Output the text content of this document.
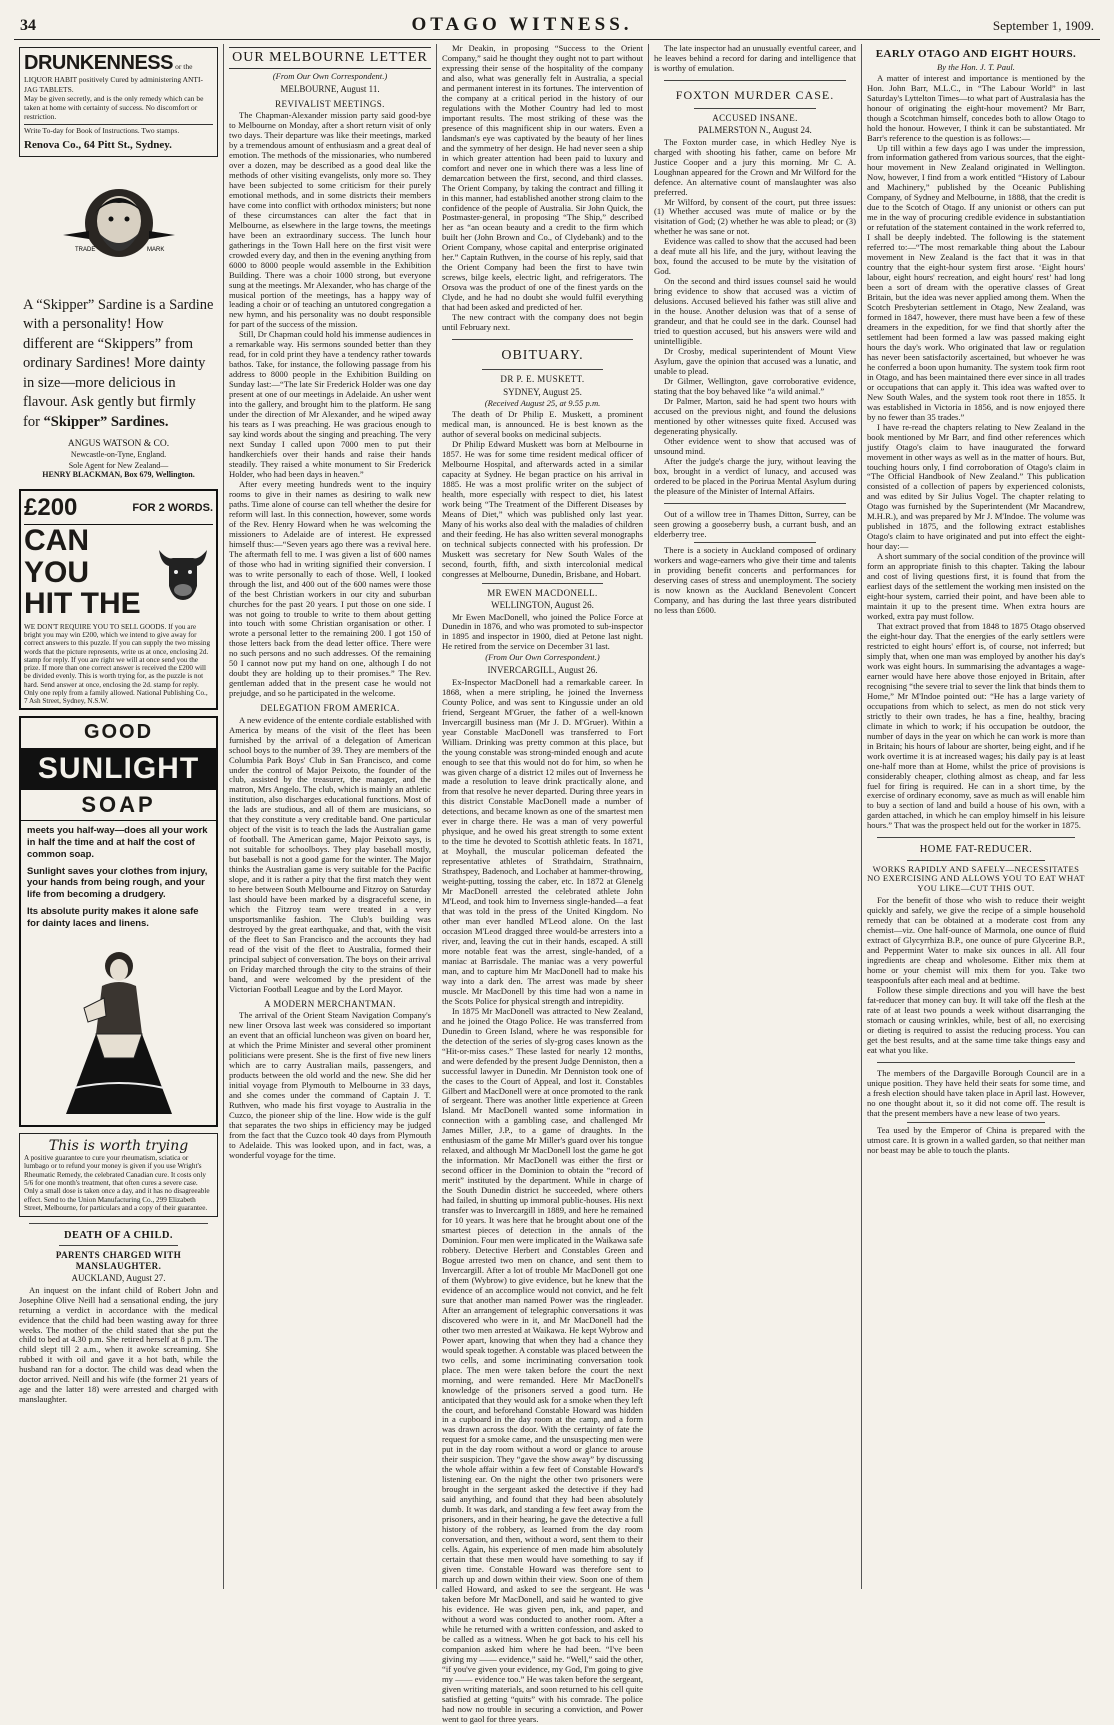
34	OTAGO WITNESS.	September 1, 1909.
DRUNKENNESS or the LIQUOR HABIT positively Cured by administering ANTI-JAG TABLETS.
May be given secretly, and is the only remedy which can be taken at home with certainty of success. No discomfort or restriction.
Write To-day for Book of Instructions. Two stamps.
Renova Co., 64 Pitt St., Sydney.
TRADE	MARK
A “Skipper” Sardine is a Sardine with a personality! How different are “Skippers” from ordinary Sardines! More dainty in size—more delicious in flavour. Ask gently but firmly for “Skipper” Sardines.
ANGUS WATSON & CO.
Newcastle-on-Tyne, England.
Sole Agent for New Zealand—
HENRY BLACKMAN, Box 679, Wellington.
£200	FOR 2 WORDS.
CAN YOU
HIT THE
WE DON'T REQUIRE YOU TO SELL GOODS. If you are bright you may win £200, which we intend to give away for correct answers to this puzzle. If you can supply the two missing words that the picture represents, write us at once, enclosing 2d. stamp for reply. If you are right we will at once send you the prize. If more than one correct answer is received the £200 will be divided evenly. This is worth trying for, as the puzzle is not hard. Send answer at once, enclosing the 2d. stamp for reply. Only one reply from a family allowed. National Publishing Co., 7 Ash Street, Sydney, N.S.W.
GOOD
SUNLIGHT
SOAP
meets you half-way—does all your work in half the time and at half the cost of common soap.
Sunlight saves your clothes from injury, your hands from being rough, and your life from becoming a drudgery.
Its absolute purity makes it alone safe for dainty laces and linens.
This is worth trying
A positive guarantee to cure your rheumatism, sciatica or lumbago or to refund your money is given if you use Wright's Rheumatic Remedy, the celebrated Canadian cure. It costs only 5/6 for one month's treatment, that often cures a severe case. Only a small dose is taken once a day, and it has no disagreeable effect. Send to the Union Manufacturing Co., 299 Elizabeth Street, Melbourne, for particulars and a copy of their guarantee.
DEATH OF A CHILD.
PARENTS CHARGED WITH MANSLAUGHTER.
AUCKLAND, August 27.

An inquest on the infant child of Robert John and Josephine Olive Neill had a sensational ending, the jury returning a verdict in accordance with the medical evidence that the child had been wasting away for three weeks. The mother of the child stated that she put the child to bed at 4.30 p.m. She retired herself at 8 p.m. The child slept till 2 a.m., when it awoke screaming. She rubbed it with oil and gave it a hot bath, while the husband ran for a doctor. The child was dead when the doctor arrived. Neill and his wife (the former 21 years of age and the latter 18) were arrested and charged with manslaughter.

OUR MELBOURNE LETTER
(From Our Own Correspondent.)
MELBOURNE, August 11.
REVIVALIST MEETINGS.

The Chapman-Alexander mission party said good-bye to Melbourne on Monday, after a short return visit of only two days. Their departure was like their meetings, marked by a tremendous amount of enthusiasm and a great deal of emotion. The methods of the missionaries, who numbered over a dozen, may be described as a good deal like the methods of other visiting evangelists, only more so. They have been subjected to some criticism for their purely emotional methods, and in some districts their members have come into conflict with orthodox ministers; but none of these circumstances can alter the fact that in Melbourne, as elsewhere in the large towns, the meetings have been an extraordinary success. The lunch hour gatherings in the Town Hall here on the first visit were crowded every day, and then in the evening anything from 6000 to 8000 people would assemble in the Exhibition Building. There was a choir 1000 strong, but everyone sung at the meetings. Mr Alexander, who has charge of the musical portion of the meetings, has a happy way of leading a choir or of teaching an untutored congregation a new hymn, and his personality was no doubt responsible for part of the success of the mission.

Still, Dr Chapman could hold his immense audiences in a remarkable way. His sermons sounded better than they read, for in cold print they have a tendency rather towards bathos. Take, for instance, the following passage from his address to 8000 people in the Exhibition Building on Sunday last:—“The late Sir Frederick Holder was one day present at one of our meetings in Adelaide. An usher went into the gallery, and brought him to the platform. He sang under the direction of Mr Alexander, and he wiped away his tears as I was preaching. He was gracious enough to say kind words about the singing and preaching. The very next Sunday I called upon 7000 men to put their handkerchiefs over their hands and raise their hands steadily. They raised a white monument to Sir Frederick Holder, who had been days in heaven.”

After every meeting hundreds went to the inquiry rooms to give in their names as desiring to walk new paths. Time alone of course can tell whether the desire for reform will last. In this connection, however, some words of the Rev. Henry Howard when he was welcoming the missioners to Adelaide are of interest. He expressed himself thus:—“Seven years ago there was a revival here. The aftermath fell to me. I was given a list of 600 names of those who had in writing signified their conversion. I was to write personally to each of those. Well, I looked through the list, and 400 out of the 600 names were those of the best Christian workers in our city and suburban churches for the past 20 years. I put those on one side. I was not going to trouble to write to them about getting into touch with some Christian organisation or other. I wrote a personal letter to the remaining 200. I got 150 of those letters back from the dead letter office. There were no such persons and no such addresses. Of the remaining 50 I cannot now put my hand on one, although I do not doubt they are holding up to their promises.” The Rev. gentleman added that in the present case he would not prejudge, and so he participated in the welcome.

DELEGATION FROM AMERICA.

A new evidence of the entente cordiale established with America by means of the visit of the fleet has been furnished by the arrival of a delegation of American school boys to the number of 39. They are members of the Columbia Park Boys' Club in San Francisco, and come under the control of Major Peixoto, the founder of the club, assisted by the treasurer, the manager, and the matron, Mrs Angelo. The club, which is mainly an athletic institution, also discharges educational functions. Most of the lads are studious, and all of them are musicians, so that they constitute a very creditable band. One particular object of the visit is to teach the lads the Australian game of football. The American game, Major Peixoto says, is not suitable for schoolboys. They play baseball mostly, but baseball is not a good game for the winter. The Major thinks the Australian game is very suitable for the Pacific slope, and it is rather a pity that the first match they went to here between South Melbourne and Fitzroy on Saturday last should have been marked by a disgraceful scene, in which the Fitzroy team were treated in a very unsportsmanlike fashion. The Club's building was destroyed by the great earthquake, and that, with the visit of the fleet to San Francisco and the accounts they had read of the visit of the fleet to Australia, formed their principal subject of conversation. The boys on their arrival on Friday marched through the city to the strains of their band, and were welcomed by the president of the Victorian Football League and by the Lord Mayor.

A MODERN MERCHANTMAN.

The arrival of the Orient Steam Navigation Company's new liner Orsova last week was considered so important an event that an official luncheon was given on board her, at which the Prime Minister and several other prominent politicians were present. She is the first of five new liners which are to carry Australian mails, passengers, and products between the old world and the new. She did her initial voyage from Plymouth to Melbourne in 33 days, and she comes under the command of Captain J. T. Ruthven, who made his first voyage to Australia in the Cuzco, the pioneer ship of the line. How wide is the gulf that separates the two ships in efficiency may be judged from the fact that the Cuzco took 40 days from Plymouth to Adelaide. This was looked upon, and in fact, was, a wonderful voyage for the time.

Mr Deakin, in proposing “Success to the Orient Company,” said he thought they ought not to part without expressing their sense of the hospitality of the company and also, what was generally felt in Australia, a special and permanent interest in its fortunes. The intervention of the company at a critical period in the history of our regulations with the Mother Country had led to most important results. The most striking of these was the presence of this magnificent ship in our waters. Even a landsman's eye was captivated by the beauty of her lines and the symmetry of her design. He had never seen a ship in which greater attention had been paid to luxury and comfort and never one in which there was a less line of demarcation between the first, second, and third classes. The Orient Company, by taking the contract and filling it in this manner, had established another strong claim to the confidence of the people of Australia. Sir John Quick, the Postmaster-general, in proposing “The Ship,” described her as “an ocean beauty and a credit to the firm which built her (John Brown and Co., of Clydebank) and to the Orient Company, whose capital and enterprise originated her.” Captain Ruthven, in the course of his reply, said that the Orient Company had been the first to have twin screws, bilge keels, electric light, and refrigerators. The Orsova was the product of one of the finest yards on the Clyde, and he had no doubt she would fulfil everything that had been asked and predicted of her.

The new contract with the company does not begin until February next.

OBITUARY.
DR P. E. MUSKETT.
SYDNEY, August 25.
(Received August 25, at 9.55 p.m.

The death of Dr Philip E. Muskett, a prominent medical man, is announced. He is best known as the author of several books on medicinal subjects.

Dr Philip Edward Muskett was born at Melbourne in 1857. He was for some time resident medical officer of Melbourne Hospital, and afterwards acted in a similar capacity at Sydney. He began practice on his arrival in 1885. He was a most prolific writer on the subject of health, more especially with respect to diet, his latest work being “The Treatment of the Different Diseases by Means of Diet,” which was published only last year. Many of his works also deal with the maladies of children and their feeding. He has also written several monographs on technical subjects connected with his profession. Dr Muskett was secretary for New South Wales of the second, fourth, fifth, and sixth intercolonial medical congresses at Melbourne, Dunedin, Brisbane, and Hobart.

MR EWEN MACDONELL.
WELLINGTON, August 26.

Mr Ewen MacDonell, who joined the Police Force at Dunedin in 1876, and who was promoted to sub-inspector in 1895 and inspector in 1900, died at Petone last night. He retired from the service on December 31 last.

(From Our Own Correspondent.)
INVERCARGILL, August 26.

Ex-Inspector MacDonell had a remarkable career. In 1868, when a mere stripling, he joined the Inverness County Police, and was sent to Kingussie under an old friend, Sergeant M'Gruer, the father of a well-known Invercargill business man (Mr J. D. M'Gruer). Within a year Constable MacDonell was transferred to Fort William. Drinking was pretty common at this place, but the young constable was strong-minded enough and acute enough to see that this would not do for him, so when he was given charge of a district 12 miles out of Inverness he made a resolution to leave drink practically alone, and from that resolve he never departed. During three years in this district Constable MacDonell made a number of detections, and became known as one of the smartest men ever in charge there. He was a man of very powerful physique, and he owed his great strength to some extent to the time he devoted to Scottish athletic feats. In 1871, at Moyhall, the muscular policeman defeated the representative athletes of Strathdairn, Strathnairn, Strathspey, Badenoch, and Lochaber at hammer-throwing, weight-putting, tossing the caber, etc. In 1872 at Glenelg Mr MacDonell arrested the celebrated athlete John M'Leod, and took him to Inverness single-handed—a feat that was told in the press of the United Kingdom. No other man ever handled M'Leod alone. On the last occasion M'Leod dragged three would-be arresters into a river, and, leaving the cut in their hands, escaped. A still more notable feat was the arrest, single-handed, of a maniac at Barrisdale. The maniac was a very powerful man, and to capture him Mr MacDonell had to make his way into a dark den. The arrest was made by sheer muscle. Mr MacDonell by this time had won a name in the Scots Police for physical strength and intrepidity.

In 1875 Mr MacDonell was attracted to New Zealand, and he joined the Otago Police. He was transferred from Dunedin to Green Island, where he was responsible for the detection of the series of sly-grog cases known as the “Hit-or-miss cases.” These lasted for nearly 12 months, and were defended by the present Judge Denniston, then a successful lawyer in Dunedin. Mr Denniston took one of the cases to the Court of Appeal, and lost it. Constables Gilbert and MacDonell were at once promoted to the rank of sergeant. There was another little experience at Green Island. Mr MacDonell wanted some information in connection with a gambling case, and challenged Mr James Miller, J.P., to a game of draughts. In the enthusiasm of the game Mr Miller's guard over his tongue relaxed, and although Mr MacDonell lost the game he got the information. Mr MacDonell was either the first or second officer in the Dominion to obtain the “record of merit” instituted by the department. While in charge of the South Dunedin district he succeeded, where others had failed, in shutting up immoral public-houses. His next transfer was to Invercargill in 1889, and here he remained for 10 years. It was here that he brought about one of the smartest pieces of detection in the annals of the Dominion. Four men were implicated in the Waikawa safe robbery. Detective Herbert and Constables Green and Bogue arrested two men on chance, and sent them to Invercargill. After a lot of trouble Mr MacDonell got one of them (Wybrow) to give evidence, but he knew that the evidence of an accomplice would not convict, and he felt sure that another man named Power was the ringleader. After an arrangement of telegraphic conversations it was discovered who were in it, and Mr MacDonell had the other two men arrested at Waikawa. He kept Wybrow and Power apart, knowing that when they had a chance they would speak together. A constable was placed between the two cells, and some incriminating conversation took place. The men were taken before the court the next morning, and were remanded. Here Mr MacDonell's knowledge of the prisoners served a good turn. He anticipated that they would ask for a smoke when they left the court, and beforehand Constable Howard was hidden in a cupboard in the day room at the camp, and a form was drawn across the door. With the certainty of fate the request for a smoke came, and the unsuspecting men were put in the day room without a word or glance to arouse their suspicion. They “gave the show away” by discussing the whole affair within a few feet of Constable Howard's listening ear. On the night the other two prisoners were brought in the sergeant asked the detective if they had said anything, and found that they had been absolutely dumb. It was dark, and standing a few feet away from the prisoners, and in their hearing, he gave the detective a full history of the robbery, as learned from the day room conversation, and then, without a word, sent them to their cells. Again, his experience of men made him absolutely certain that these men would have something to say if given time. Constable Howard was therefore sent to march up and down within their view. Soon one of them called Howard, and asked to see the sergeant. He was taken before Mr MacDonell, and said he wanted to give his evidence. He was given pen, ink, and paper, and without a word was conducted to another room. After a while he returned with a written confession, and asked to be called as a witness. When he got back to his cell his companion asked him where he had been. “I've been giving my —— evidence,” said he. “Well,” said the other, “if you've given your evidence, my God, I'm going to give my —— evidence too.” He was taken before the sergeant, given writing materials, and soon returned to his cell quite satisfied at getting “quits” with his comrade. The police had now no trouble in securing a conviction, and Power went to gaol for three years.

The late inspector had an unusually eventful career, and he leaves behind a record for daring and intelligence that is worthy of emulation.

FOXTON MURDER CASE.
ACCUSED INSANE.
PALMERSTON N., August 24.

The Foxton murder case, in which Hedley Nye is charged with shooting his father, came on before Mr Justice Cooper and a jury this morning. Mr C. A. Loughnan appeared for the Crown and Mr Wilford for the defence. An alternative count of manslaughter was also preferred.

Mr Wilford, by consent of the court, put three issues: (1) Whether accused was mute of malice or by the visitation of God; (2) whether he was able to plead; or (3) whether he was sane or not.

Evidence was called to show that the accused had been a deaf mute all his life, and the jury, without leaving the box, found the accused to be mute by the visitation of God.

On the second and third issues counsel said he would bring evidence to show that accused was a victim of delusions. Accused believed his father was still alive and in the house. Another delusion was that of a sense of grandeur, and that he could see in the dark. Counsel had tried to question accused, but his answers were wild and unintelligible.

Dr Crosby, medical superintendent of Mount View Asylum, gave the opinion that accused was a lunatic, and unable to plead.

Dr Gilmer, Wellington, gave corroborative evidence, stating that the boy behaved like “a wild animal.”

Dr Palmer, Marton, said he had spent two hours with accused on the previous night, and found the delusions mentioned by other witnesses quite fixed. Accused was degenerating physically.

Other evidence went to show that accused was of unsound mind.

After the judge's charge the jury, without leaving the box, brought in a verdict of lunacy, and accused was ordered to be placed in the Porirua Mental Asylum during the pleasure of the Minister of Internal Affairs.

Out of a willow tree in Thames Ditton, Surrey, can be seen growing a gooseberry bush, a currant bush, and an elderberry tree.

There is a society in Auckland composed of ordinary workers and wage-earners who give their time and talents in providing benefit concerts and performances for deserving cases of stress and unemployment. The society is now known as the Auckland Benevolent Concert Company, and has during the last three years distributed no less than £600.

EARLY OTAGO AND EIGHT HOURS.
By the Hon. J. T. Paul.

A matter of interest and importance is mentioned by the Hon. John Barr, M.L.C., in “The Labour World” in last Saturday's Lyttelton Times—to what part of Australasia has the honour of originating the eight-hour movement? Mr Barr, though a Scotchman himself, concedes both to allow Otago to hold the honour. However, I think it can be substantiated. Mr Barr's reference to the question is as follows:—

Up till within a few days ago I was under the impression, from information gathered from various sources, that the eight-hour movement in New Zealand originated in Wellington. Now, however, I find from a work entitled “History of Labour and Machinery,” published by the Oceanic Publishing Company, of Sydney and Melbourne, in 1888, that the credit is due to the Scotch of Otago. If any unionist or others can put me in the way of procuring credible evidence in substantiation or refutation of the statement contained in the work referred to, I shall be deeply indebted. The following is the statement referred to:—“The most remarkable thing about the Labour movement in New Zealand is the fact that it was in that country that the eight-hour system first arose. ‘Eight hours' labour, eight hours' recreation, and eight hours' rest’ had long been a sort of dream with the operative classes of Great Britain, but the idea was never applied among them. When the Scotch Presbyterian settlement in Otago, New Zealand, was formed in 1847, however, there must have been a few of these dreamers in the expedition, for we find that shortly after the settlement had been formed a law was passed making eight hours the day's work. Who originated that law or regulation has never been satisfactorily ascertained, but whoever he was he conferred a boon upon humanity. The system took firm root in Otago, and has been maintained there ever since in all trades or occupations that can apply it. This idea was wafted over to New South Wales, and the system took root there in 1855. It was established in Victoria in 1856, and is now enjoyed there by no fewer than 35 trades.”

I have re-read the chapters relating to New Zealand in the book mentioned by Mr Barr, and find other references which justify Otago's claim to have inaugurated the forward movement in other ways as well as in the matter of hours. But, touching hours only, I find corroboration of Otago's claim in “The Official Handbook of New Zealand.” This publication consisted of a collection of papers by experienced colonists, and was edited by Sir Julius Vogel. The chapter relating to Otago was furnished by the Superintendent (Mr Macandrew, M.H.R.), and was prepared by Mr J. M'Indoe. The volume was published in 1875, and the following extract establishes Otago's claim to have originated and put into effect the eight-hour day:—

A short summary of the social condition of the province will form an appropriate finish to this chapter. Taking the labour and cost of living questions first, it is found that from the earliest days of the settlement the working men insisted on the eight-hour system, carried their point, and have been able to maintain it up to the present time. When extra hours are worked, extra pay must follow.

That extract proved that from 1848 to 1875 Otago observed the eight-hour day. That the energies of the early settlers were restricted to eight hours' effort is, of course, not inferred; but simply that, when one man was employed by another his day's work was eight hours. In summarising the advantages a wage-earner would have here above those enjoyed in Britain, after recognising “the severe trial to sever the link that binds them to Home,” Mr M'Indoe pointed out: “He has a large variety of occupations from which to select, as men do not stick very strictly to their own trades, he has a fine, healthy, bracing climate in which to work; if his occupation be outdoor, the number of days in the year on which he can work is more than in Britain; his hours of labour are shorter, being eight, and if he work overtime it is at increased wages; his daily pay is at least one-half more than at Home, whilst the price of provisions is considerably cheaper, clothing almost as cheap, and far less fuel for firing is required. He can in a short time, by the exercise of ordinary economy, save as much as will enable him to buy a section of land and build a house of his own, with a garden attached, in which he can employ himself in his leisure hours.” That was the prospect held out for the worker in 1875.

HOME FAT-REDUCER.
WORKS RAPIDLY AND SAFELY—NECESSITATES NO EXERCISING AND ALLOWS YOU TO EAT WHAT YOU LIKE—CUT THIS OUT.

For the benefit of those who wish to reduce their weight quickly and safely, we give the recipe of a simple household remedy that can be obtained at a moderate cost from any chemist—viz. One half-ounce of Marmola, one ounce of fluid extract of Glycyrrhiza B.P., one ounce of pure Glycerine B.P., and Peppermint Water to make six ounces in all. All four ingredients are cheap and wholesome. Either mix them at home or your chemist will mix them for you. Take two teaspoonfuls after each meal and at bedtime.

Follow these simple directions and you will have the best fat-reducer that money can buy. It will take off the flesh at the rate of at least two pounds a week without disarranging the stomach or causing wrinkles, while, best of all, no exercising or dieting is required to assist the reducing process. You can get the best results, and at the same time take things easy and eat what you like.

The members of the Dargaville Borough Council are in a unique position. They have held their seats for some time, and a fresh election should have taken place in April last. However, no one thought about it, so it did not come off. The result is that the present members have a new lease of two years.

Tea used by the Emperor of China is prepared with the utmost care. It is grown in a walled garden, so that neither man nor beast may be able to touch the plants.
